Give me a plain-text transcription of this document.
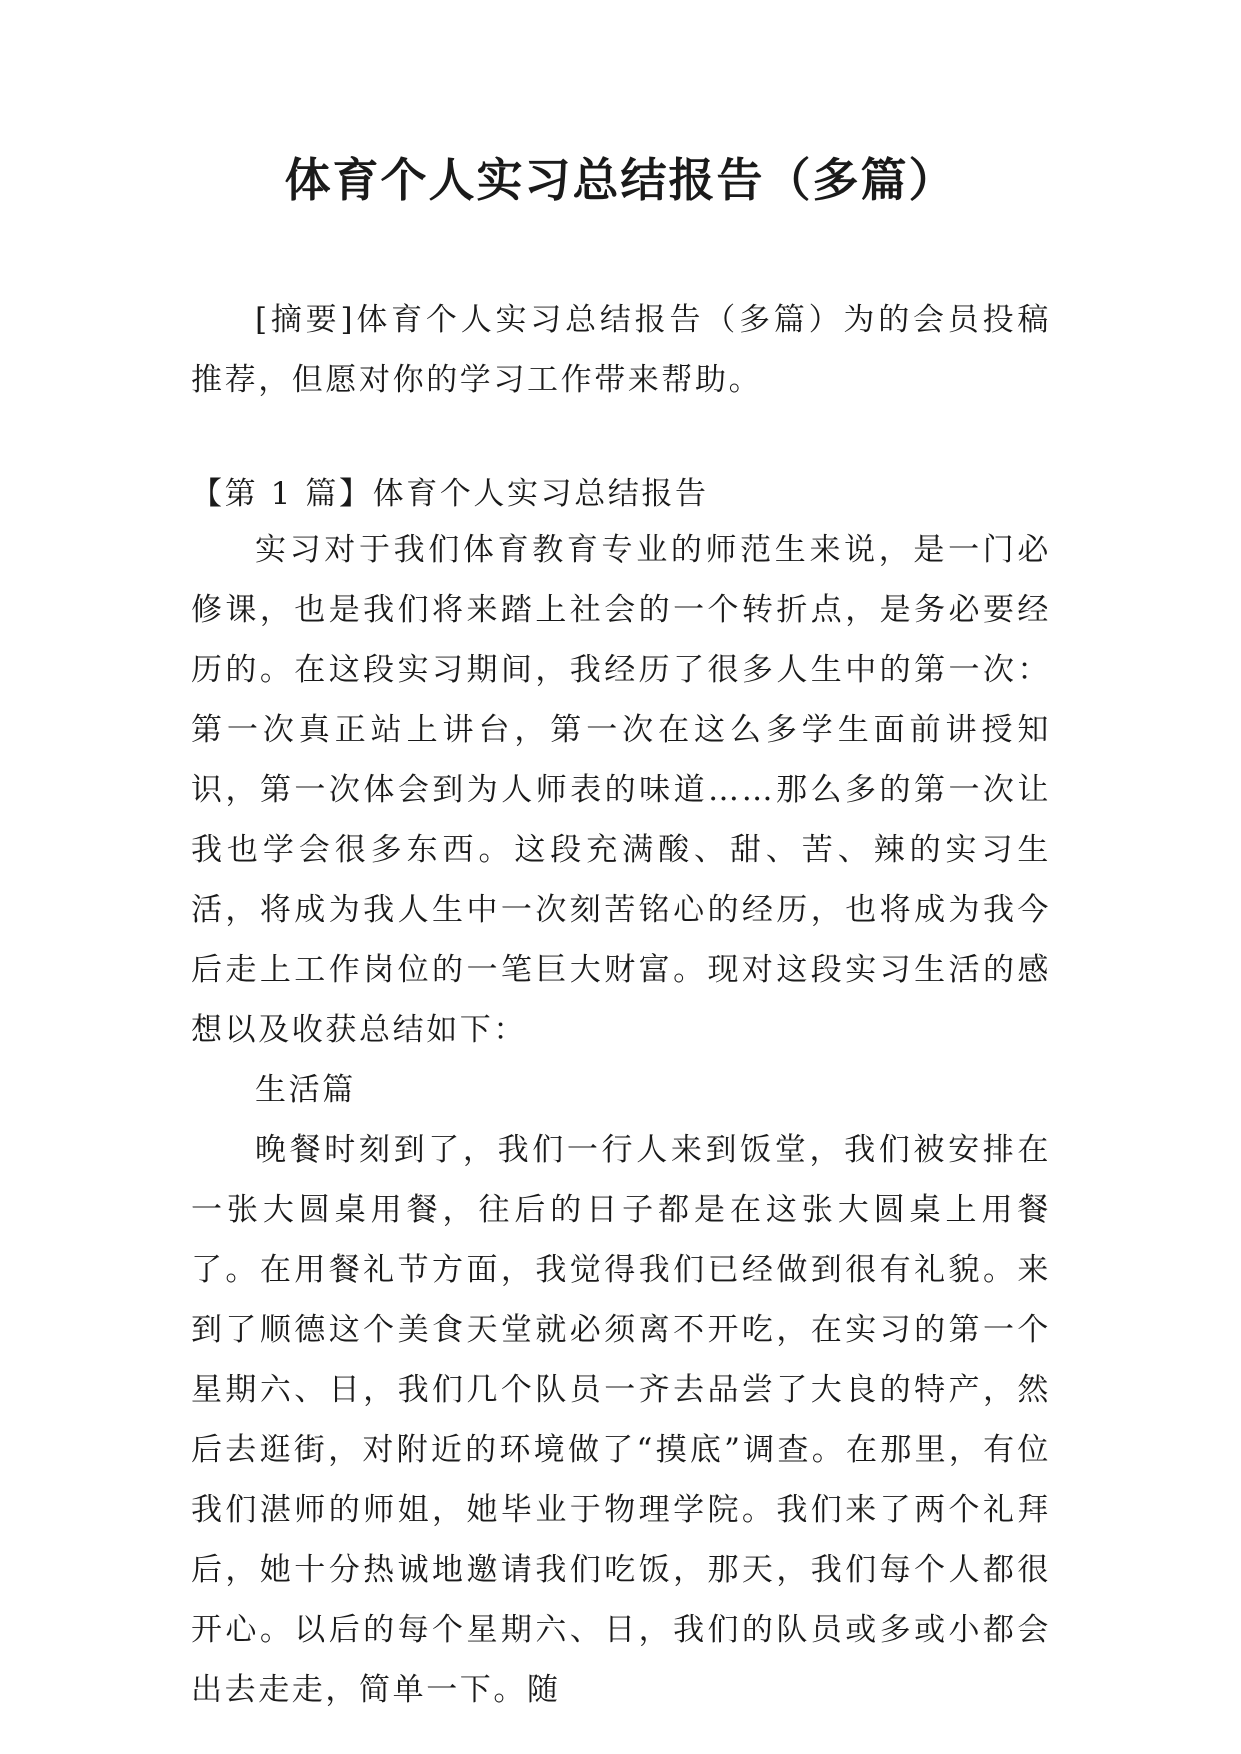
体育个人实习总结报告（多篇）

[摘要]体育个人实习总结报告（多篇）为的会员投稿推荐，但愿对你的学习工作带来帮助。

【第 1 篇】体育个人实习总结报告

实习对于我们体育教育专业的师范生来说，是一门必修课，也是我们将来踏上社会的一个转折点，是务必要经历的。在这段实习期间，我经历了很多人生中的第一次：第一次真正站上讲台，第一次在这么多学生面前讲授知识，第一次体会到为人师表的味道……那么多的第一次让我也学会很多东西。这段充满酸、甜、苦、辣的实习生活，将成为我人生中一次刻苦铭心的经历，也将成为我今后走上工作岗位的一笔巨大财富。现对这段实习生活的感想以及收获总结如下：

生活篇

晚餐时刻到了，我们一行人来到饭堂，我们被安排在一张大圆桌用餐，往后的日子都是在这张大圆桌上用餐了。在用餐礼节方面，我觉得我们已经做到很有礼貌。来到了顺德这个美食天堂就必须离不开吃，在实习的第一个星期六、日，我们几个队员一齐去品尝了大良的特产，然后去逛街，对附近的环境做了“摸底”调查。在那里，有位我们湛师的师姐，她毕业于物理学院。我们来了两个礼拜后，她十分热诚地邀请我们吃饭，那天，我们每个人都很开心。以后的每个星期六、日，我们的队员或多或小都会出去走走，简单一下。随
